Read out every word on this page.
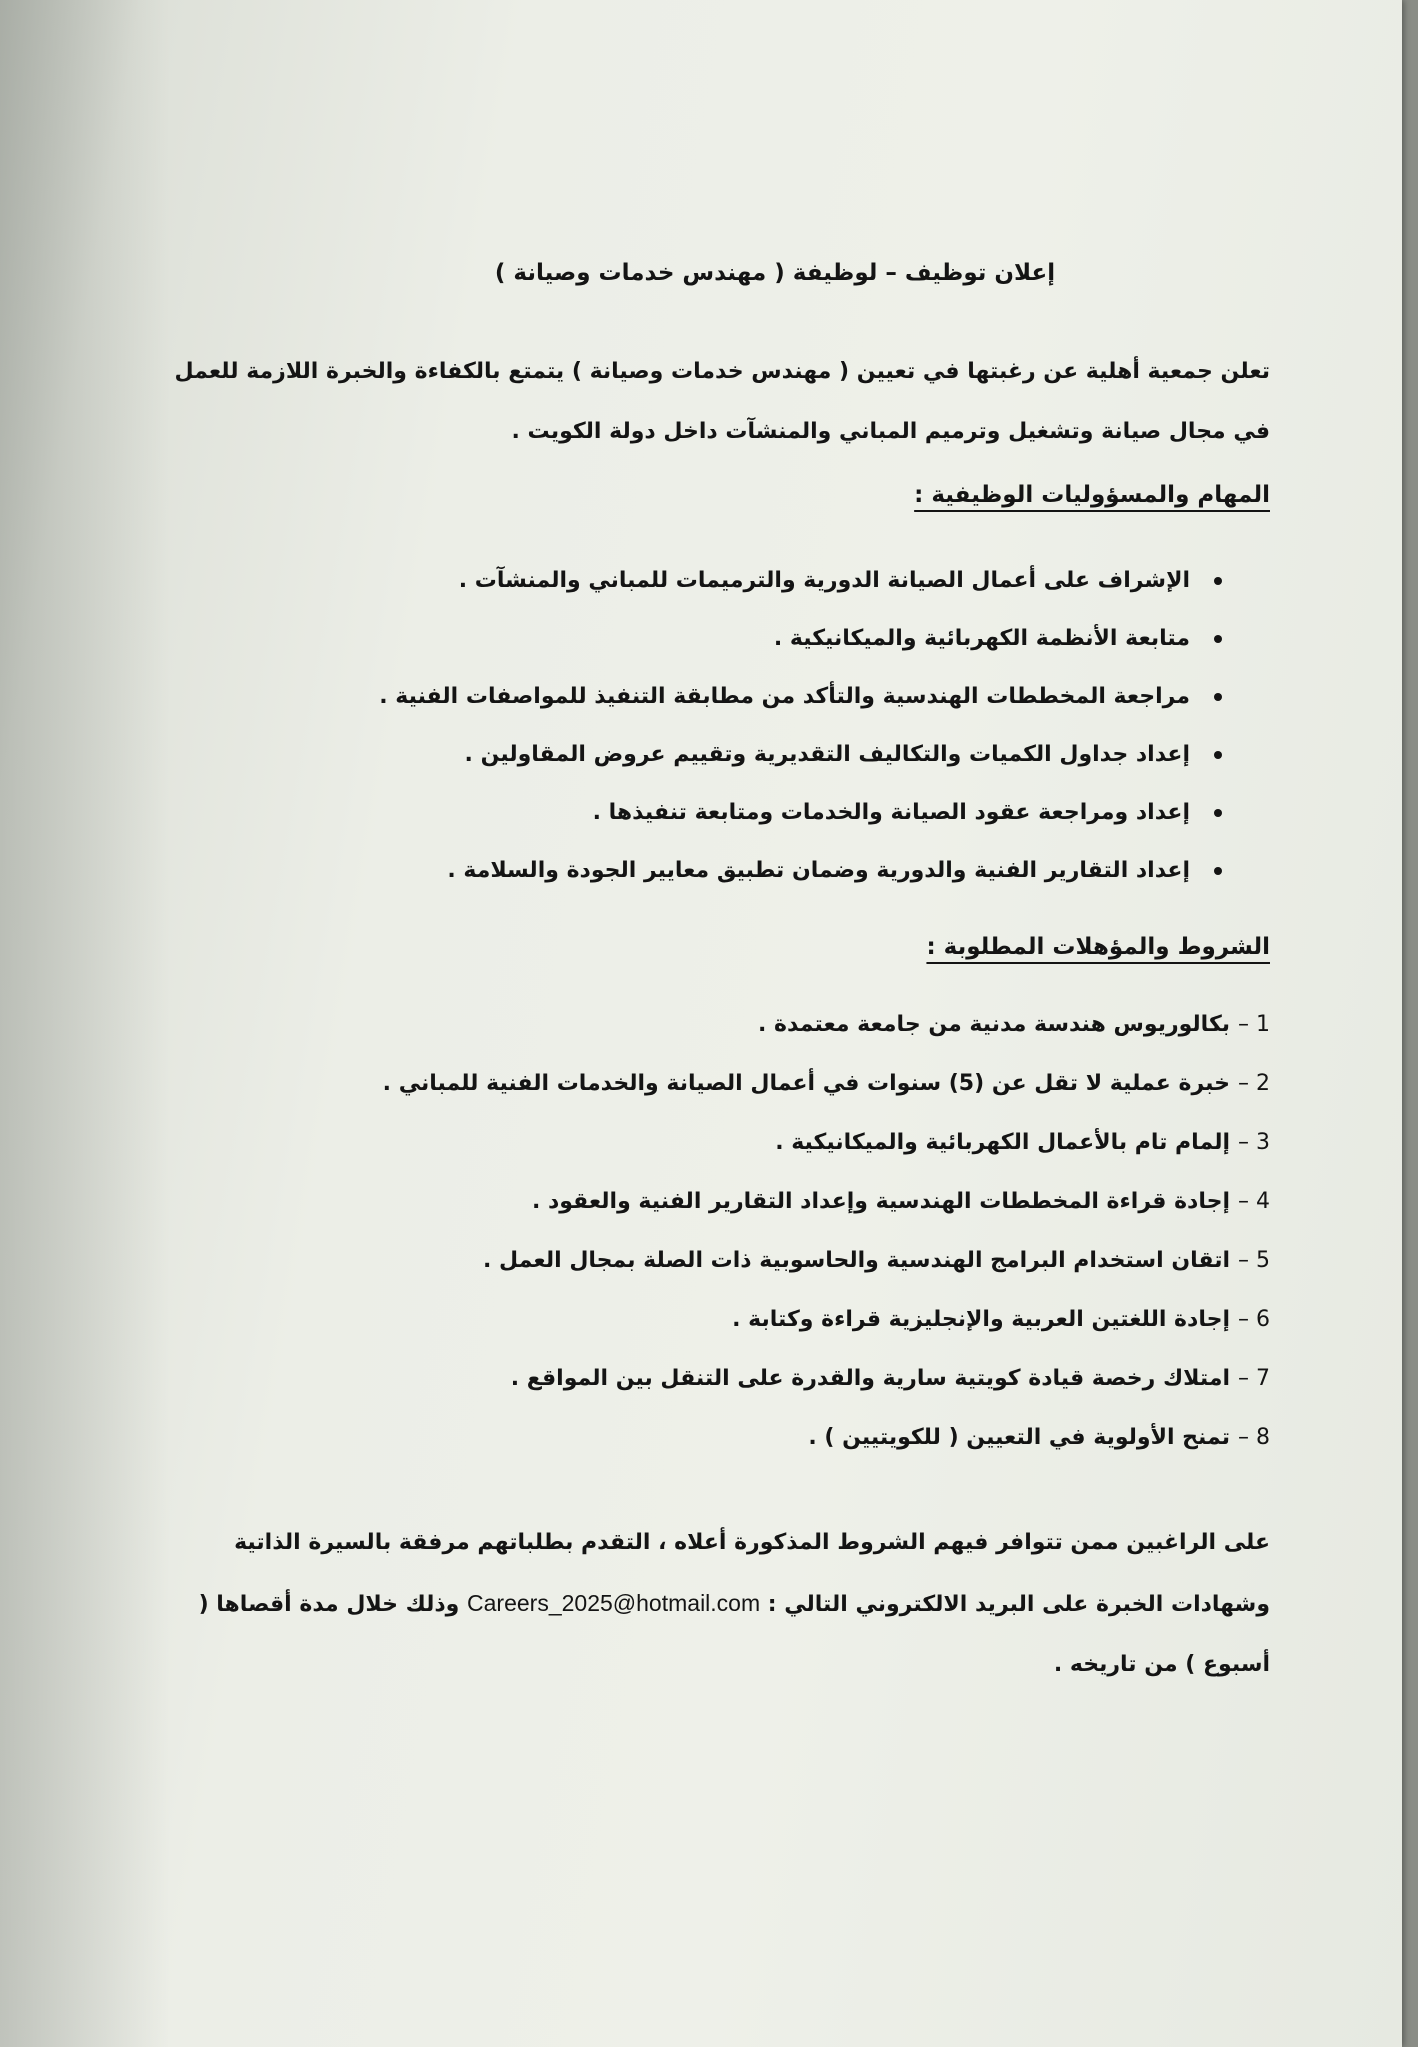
إعلان توظيف – لوظيفة ( مهندس خدمات وصيانة )
تعلن جمعية أهلية عن رغبتها في تعيين ( مهندس خدمات وصيانة ) يتمتع بالكفاءة والخبرة اللازمة للعمل في مجال صيانة وتشغيل وترميم المباني والمنشآت داخل دولة الكويت .
المهام والمسؤوليات الوظيفية :
الإشراف على أعمال الصيانة الدورية والترميمات للمباني والمنشآت .
متابعة الأنظمة الكهربائية والميكانيكية .
مراجعة المخططات الهندسية والتأكد من مطابقة التنفيذ للمواصفات الفنية .
إعداد جداول الكميات والتكاليف التقديرية وتقييم عروض المقاولين .
إعداد ومراجعة عقود الصيانة والخدمات ومتابعة تنفيذها .
إعداد التقارير الفنية والدورية وضمان تطبيق معايير الجودة والسلامة .
الشروط والمؤهلات المطلوبة :
1 –بكالوريوس هندسة مدنية من جامعة معتمدة .
2 –خبرة عملية لا تقل عن (5) سنوات في أعمال الصيانة والخدمات الفنية للمباني .
3 –إلمام تام بالأعمال الكهربائية والميكانيكية .
4 –إجادة قراءة المخططات الهندسية وإعداد التقارير الفنية والعقود .
5 –اتقان استخدام البرامج الهندسية والحاسوبية ذات الصلة بمجال العمل .
6 –إجادة اللغتين العربية والإنجليزية قراءة وكتابة .
7 –امتلاك رخصة قيادة كويتية سارية والقدرة على التنقل بين المواقع .
8 –تمنح الأولوية في التعيين ( للكويتيين ) .
على الراغبين ممن تتوافر فيهم الشروط المذكورة أعلاه ، التقدم بطلباتهم مرفقة بالسيرة الذاتية وشهادات الخبرة على البريد الالكتروني التالي : Careers_2025@hotmail.com وذلك خلال مدة أقصاها ( أسبوع ) من تاريخه .
